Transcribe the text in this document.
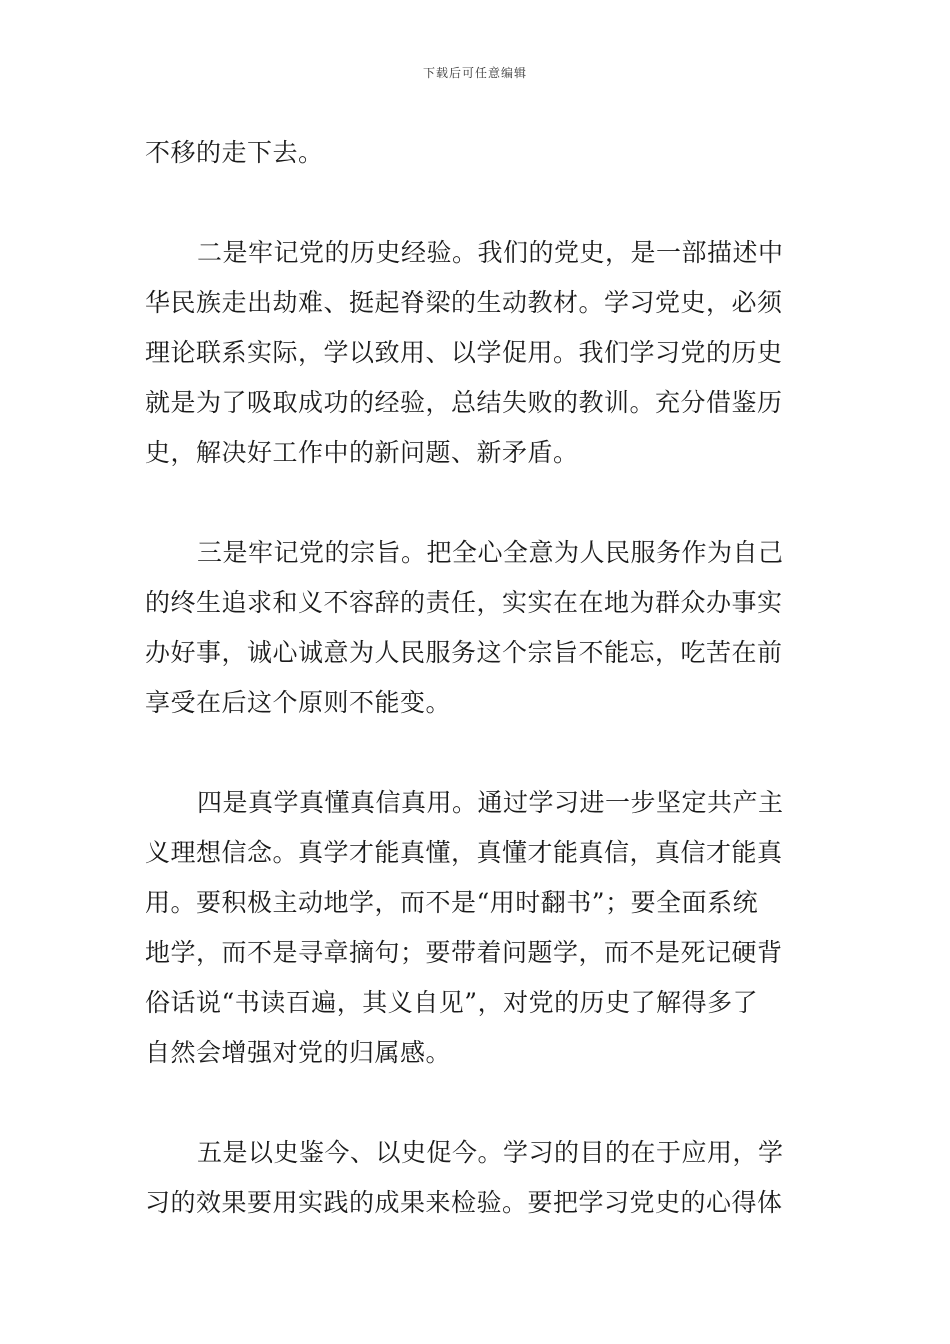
下载后可任意编辑

不移的走下去。

二是牢记党的历史经验。我们的党史，是一部描述中

华民族走出劫难、挺起脊梁的生动教材。学习党史，必须

理论联系实际，学以致用、以学促用。我们学习党的历史

就是为了吸取成功的经验，总结失败的教训。充分借鉴历

史，解决好工作中的新问题、新矛盾。

三是牢记党的宗旨。把全心全意为人民服务作为自己

的终生追求和义不容辞的责任，实实在在地为群众办事实

办好事，诚心诚意为人民服务这个宗旨不能忘，吃苦在前

享受在后这个原则不能变。

四是真学真懂真信真用。通过学习进一步坚定共产主

义理想信念。真学才能真懂，真懂才能真信，真信才能真

用。要积极主动地学，而不是“用时翻书”；要全面系统

地学，而不是寻章摘句；要带着问题学，而不是死记硬背

俗话说“书读百遍，其义自见”，对党的历史了解得多了

自然会增强对党的归属感。

五是以史鉴今、以史促今。学习的目的在于应用，学

习的效果要用实践的成果来检验。要把学习党史的心得体
